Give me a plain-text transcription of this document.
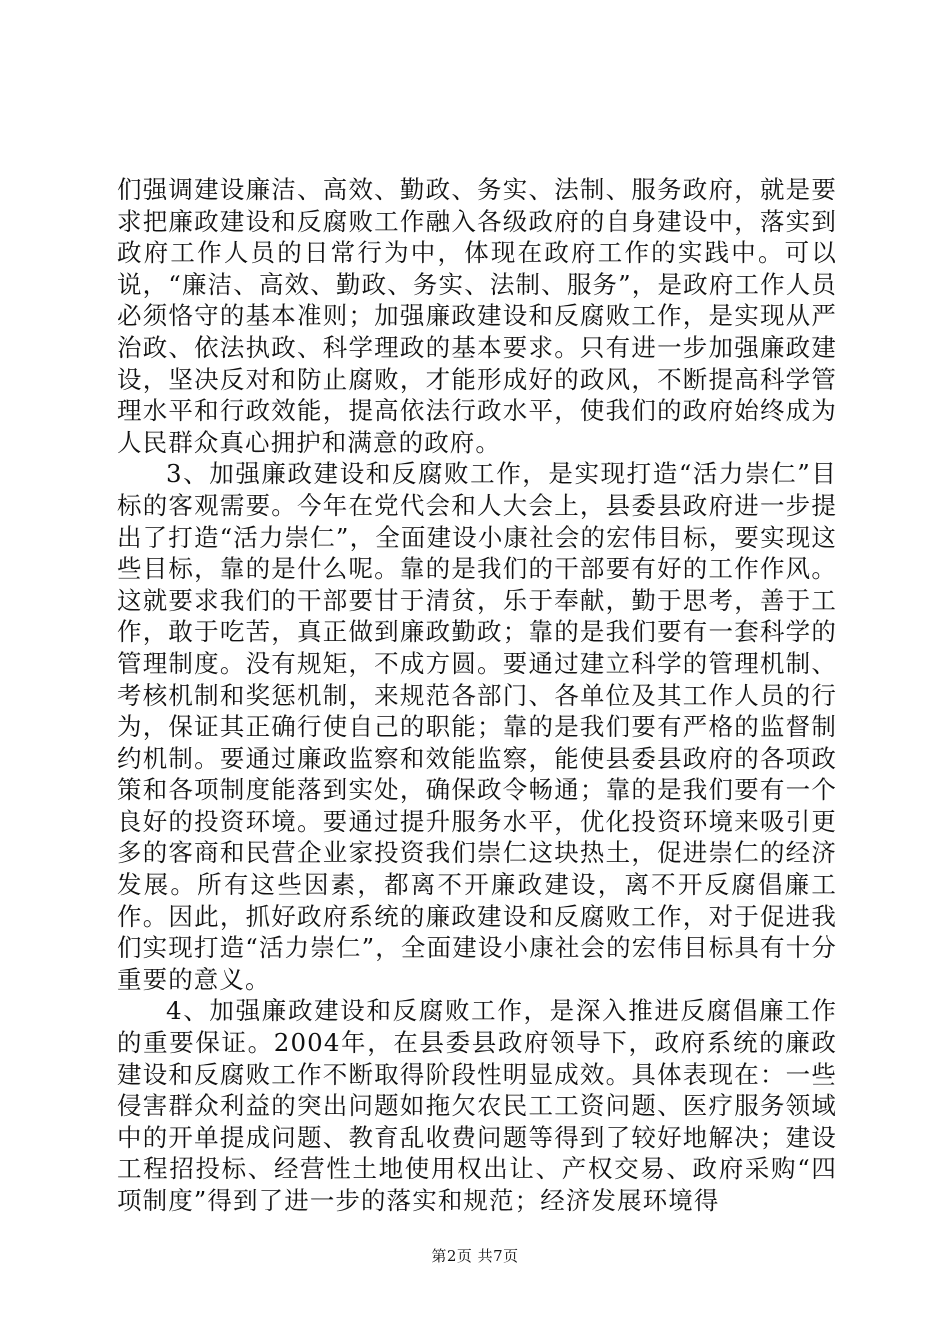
们强调建设廉洁、高效、勤政、务实、法制、服务政府，就是要求把廉政建设和反腐败工作融入各级政府的自身建设中，落实到政府工作人员的日常行为中，体现在政府工作的实践中。可以说，“廉洁、高效、勤政、务实、法制、服务”，是政府工作人员必须恪守的基本准则；加强廉政建设和反腐败工作，是实现从严治政、依法执政、科学理政的基本要求。只有进一步加强廉政建设，坚决反对和防止腐败，才能形成好的政风，不断提高科学管理水平和行政效能，提高依法行政水平，使我们的政府始终成为人民群众真心拥护和满意的政府。

3、加强廉政建设和反腐败工作，是实现打造“活力崇仁”目标的客观需要。今年在党代会和人大会上，县委县政府进一步提出了打造“活力崇仁”，全面建设小康社会的宏伟目标，要实现这些目标，靠的是什么呢。靠的是我们的干部要有好的工作作风。这就要求我们的干部要甘于清贫，乐于奉献，勤于思考，善于工作，敢于吃苦，真正做到廉政勤政；靠的是我们要有一套科学的管理制度。没有规矩，不成方圆。要通过建立科学的管理机制、考核机制和奖惩机制，来规范各部门、各单位及其工作人员的行为，保证其正确行使自己的职能；靠的是我们要有严格的监督制约机制。要通过廉政监察和效能监察，能使县委县政府的各项政策和各项制度能落到实处，确保政令畅通；靠的是我们要有一个良好的投资环境。要通过提升服务水平，优化投资环境来吸引更多的客商和民营企业家投资我们崇仁这块热土，促进崇仁的经济发展。所有这些因素，都离不开廉政建设，离不开反腐倡廉工作。因此，抓好政府系统的廉政建设和反腐败工作，对于促进我们实现打造“活力崇仁”，全面建设小康社会的宏伟目标具有十分重要的意义。

4、加强廉政建设和反腐败工作，是深入推进反腐倡廉工作的重要保证。2004年，在县委县政府领导下，政府系统的廉政建设和反腐败工作不断取得阶段性明显成效。具体表现在：一些侵害群众利益的突出问题如拖欠农民工工资问题、医疗服务领域中的开单提成问题、教育乱收费问题等得到了较好地解决；建设工程招投标、经营性土地使用权出让、产权交易、政府采购“四项制度”得到了进一步的落实和规范；经济发展环境得

第2页 共7页
